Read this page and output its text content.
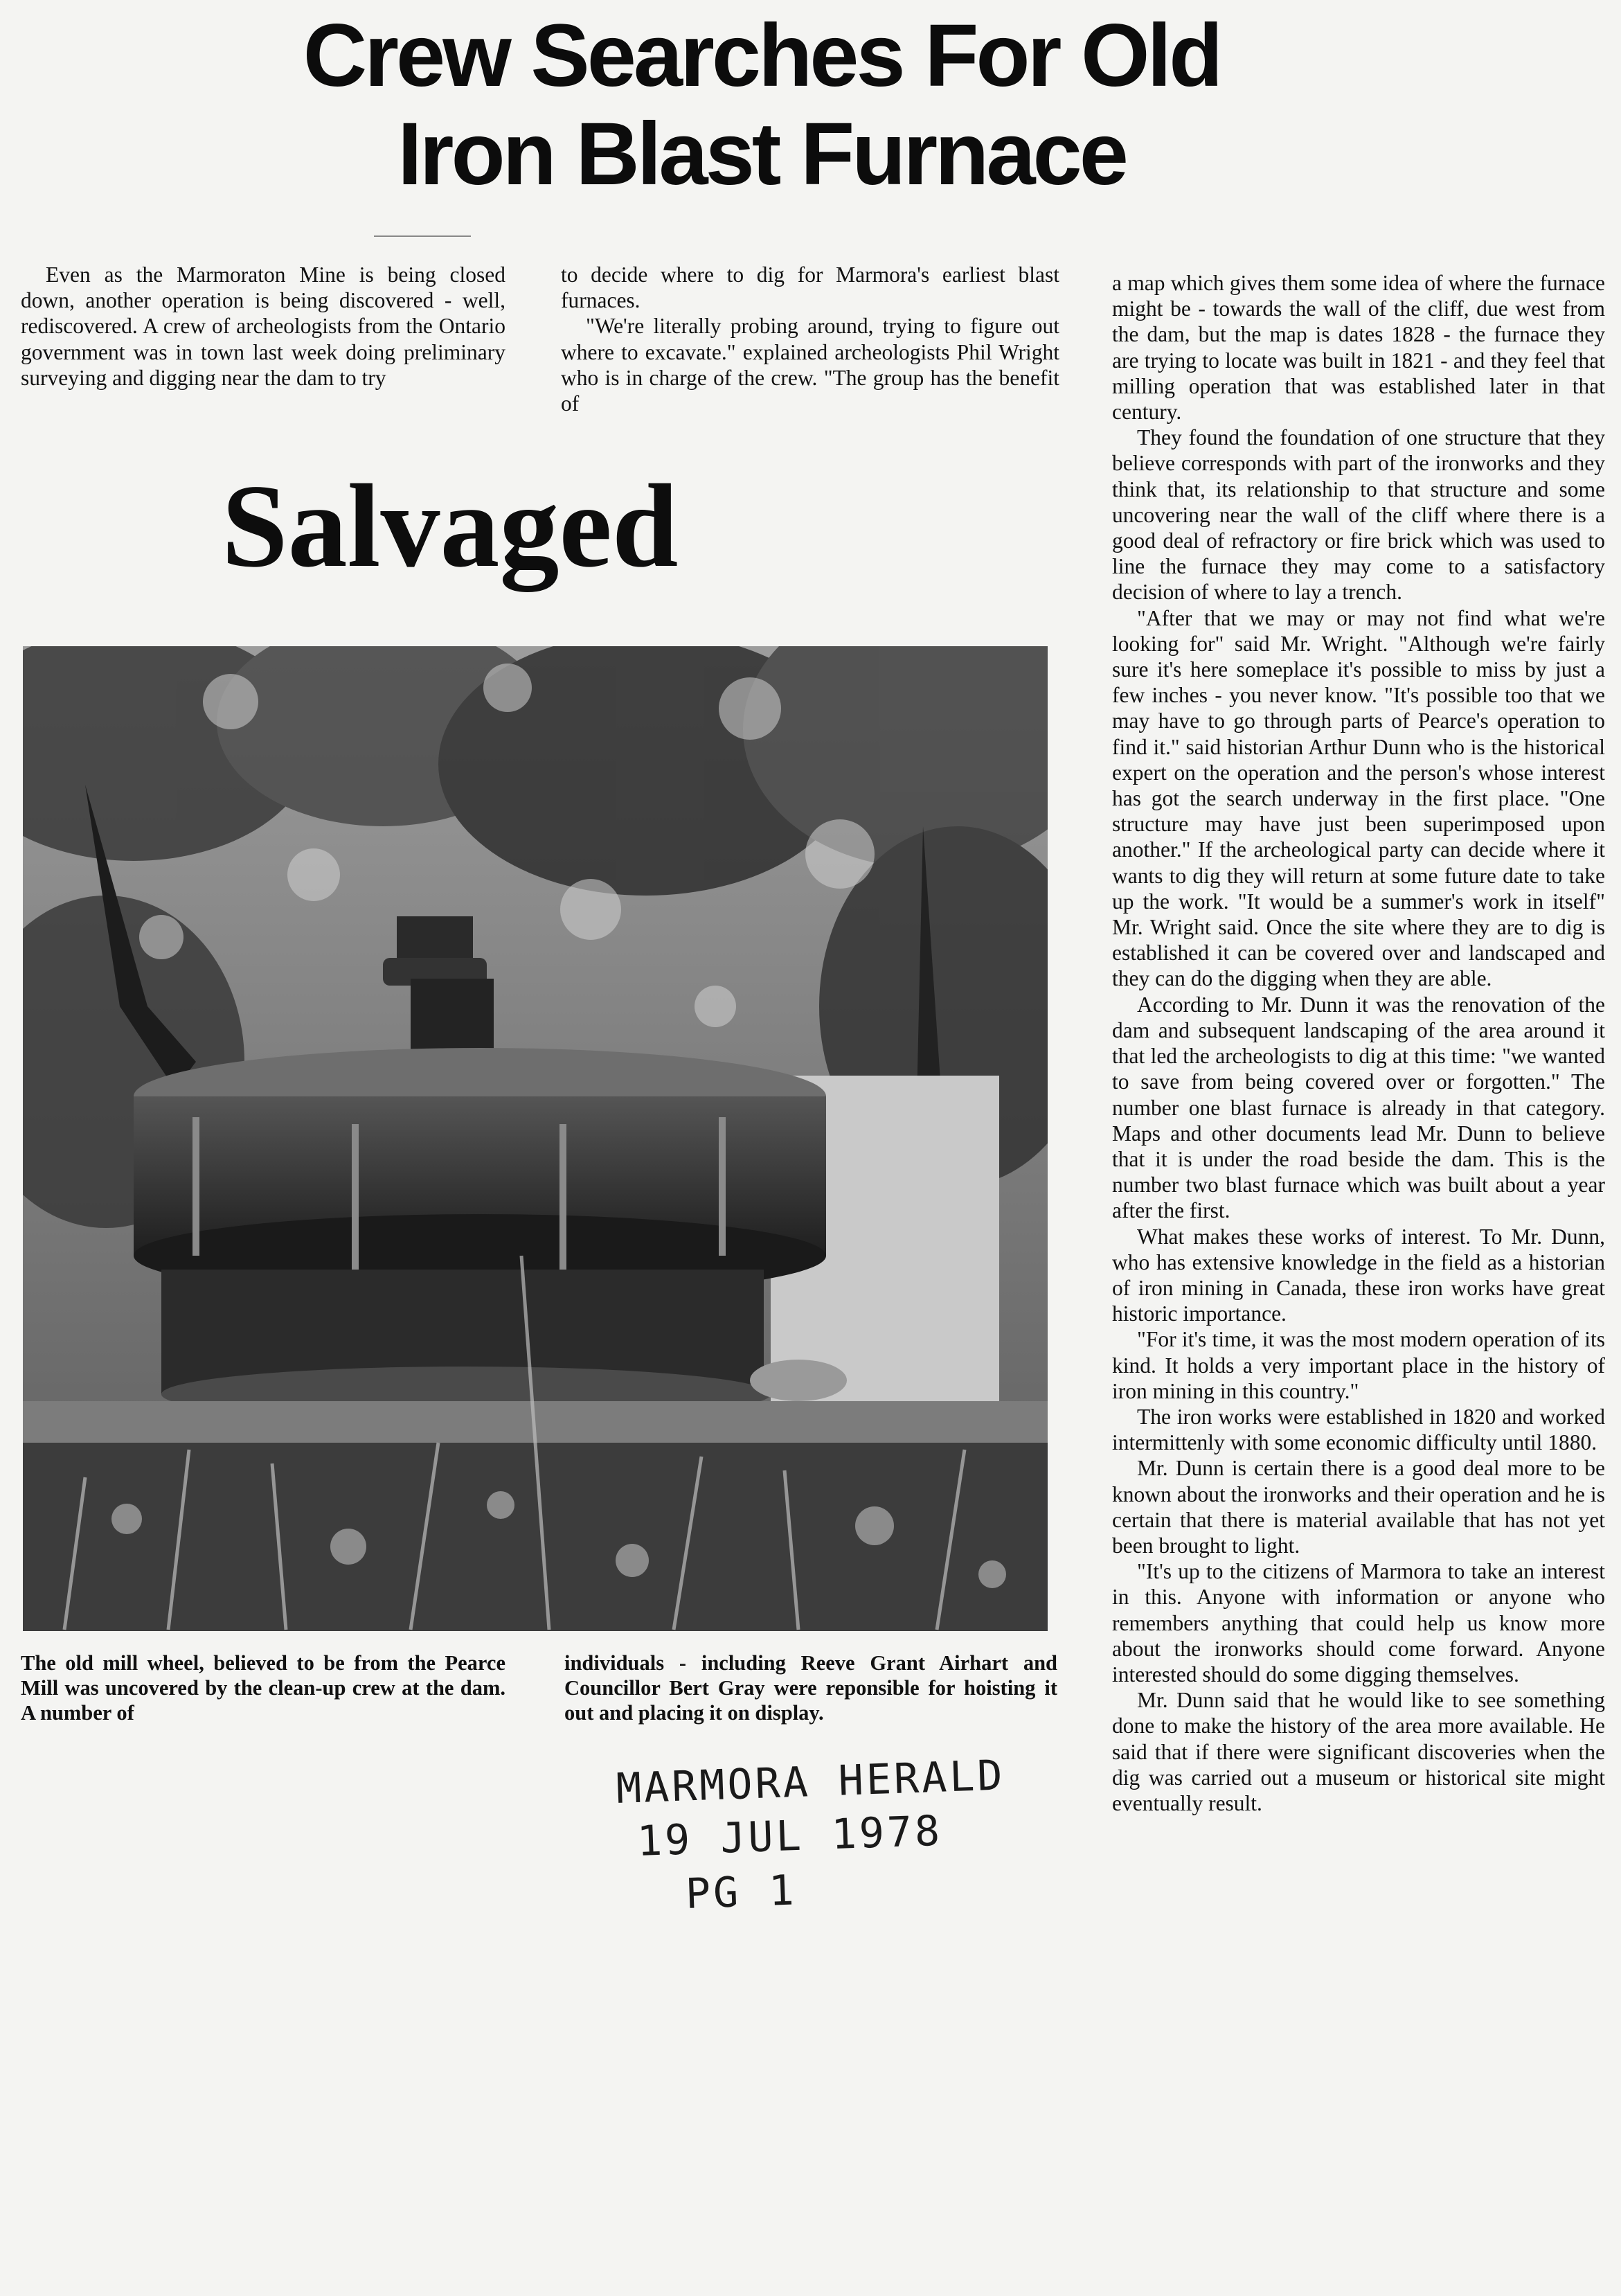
Crew Searches For Old
Iron Blast Furnace

Even as the Marmoraton Mine is being closed down, another operation is being discovered - well, rediscovered. A crew of archeologists from the Ontario government was in town last week doing preliminary surveying and digging near the dam to try

to decide where to dig for Marmora's earliest blast furnaces.

"We're literally probing around, trying to figure out where to excavate." explained archeologists Phil Wright who is in charge of the crew. "The group has the benefit of

a map which gives them some idea of where the furnace might be - towards the wall of the cliff, due west from the dam, but the map is dates 1828 - the furnace they are trying to locate was built in 1821 - and they feel that milling operation that was established later in that century.

They found the foundation of one structure that they believe corresponds with part of the ironworks and they think that, its relationship to that structure and some uncovering near the wall of the cliff where there is a good deal of refractory or fire brick which was used to line the furnace they may come to a satisfactory decision of where to lay a trench.

"After that we may or may not find what we're looking for" said Mr. Wright. "Although we're fairly sure it's here someplace it's possible to miss by just a few inches - you never know. "It's possible too that we may have to go through parts of Pearce's operation to find it." said historian Arthur Dunn who is the historical expert on the operation and the person's whose interest has got the search underway in the first place. "One structure may have just been superimposed upon another." If the archeological party can decide where it wants to dig they will return at some future date to take up the work. "It would be a summer's work in itself" Mr. Wright said. Once the site where they are to dig is established it can be covered over and landscaped and they can do the digging when they are able.

According to Mr. Dunn it was the renovation of the dam and subsequent landscaping of the area around it that led the archeologists to dig at this time: "we wanted to save from being covered over or forgotten." The number one blast furnace is already in that category. Maps and other documents lead Mr. Dunn to believe that it is under the road beside the dam. This is the number two blast furnace which was built about a year after the first.

What makes these works of interest. To Mr. Dunn, who has extensive knowledge in the field as a historian of iron mining in Canada, these iron works have great historic importance.

"For it's time, it was the most modern operation of its kind. It holds a very important place in the history of iron mining in this country."

The iron works were established in 1820 and worked intermittenly with some economic difficulty until 1880.

Mr. Dunn is certain there is a good deal more to be known about the ironworks and their operation and he is certain that there is material available that has not yet been brought to light.

"It's up to the citizens of Marmora to take an interest in this. Anyone with information or anyone who remembers anything that could help us know more about the ironworks should come forward. Anyone interested should do some digging themselves.

Mr. Dunn said that he would like to see something done to make the history of the area more available. He said that if there were significant discoveries when the dig was carried out a museum or historical site might eventually result.

Salvaged
The old mill wheel, believed to be from the Pearce Mill was uncovered by the clean-up crew at the dam. A number of
individuals - including Reeve Grant Airhart and Councillor Bert Gray were reponsible for hoisting it out and placing it on display.
MARMORA HERALD
19 JUL 1978
PG 1
